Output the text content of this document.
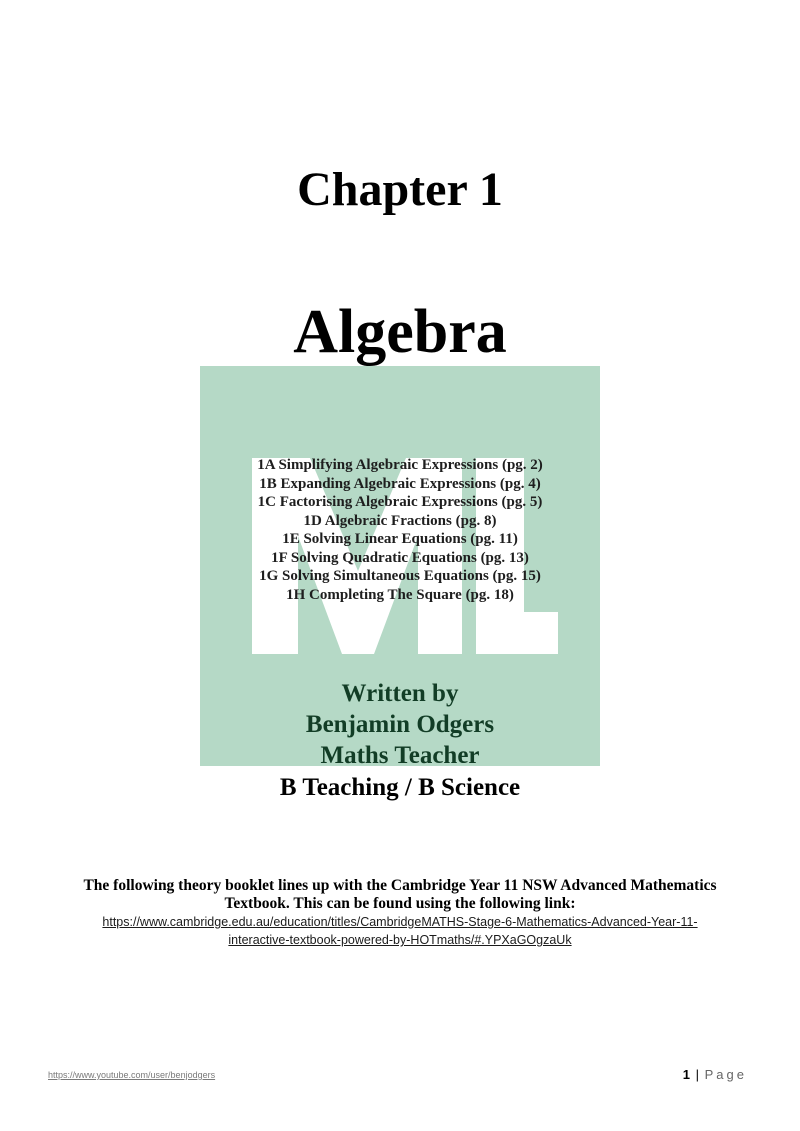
Chapter 1
Algebra
1A Simplifying Algebraic Expressions (pg. 2)
1B Expanding Algebraic Expressions (pg. 4)
1C Factorising Algebraic Expressions (pg. 5)
1D Algebraic Fractions (pg. 8)
1E Solving Linear Equations (pg. 11)
1F Solving Quadratic Equations (pg. 13)
1G Solving Simultaneous Equations (pg. 15)
1H Completing The Square (pg. 18)
Written by
Benjamin Odgers
Maths Teacher
B Teaching / B Science
The following theory booklet lines up with the Cambridge Year 11 NSW Advanced Mathematics Textbook. This can be found using the following link:
https://www.cambridge.edu.au/education/titles/CambridgeMATHS-Stage-6-Mathematics-Advanced-Year-11-
interactive-textbook-powered-by-HOTmaths/#.YPXaGOgzaUk
https://www.youtube.com/user/benjodgers	1 | Page
